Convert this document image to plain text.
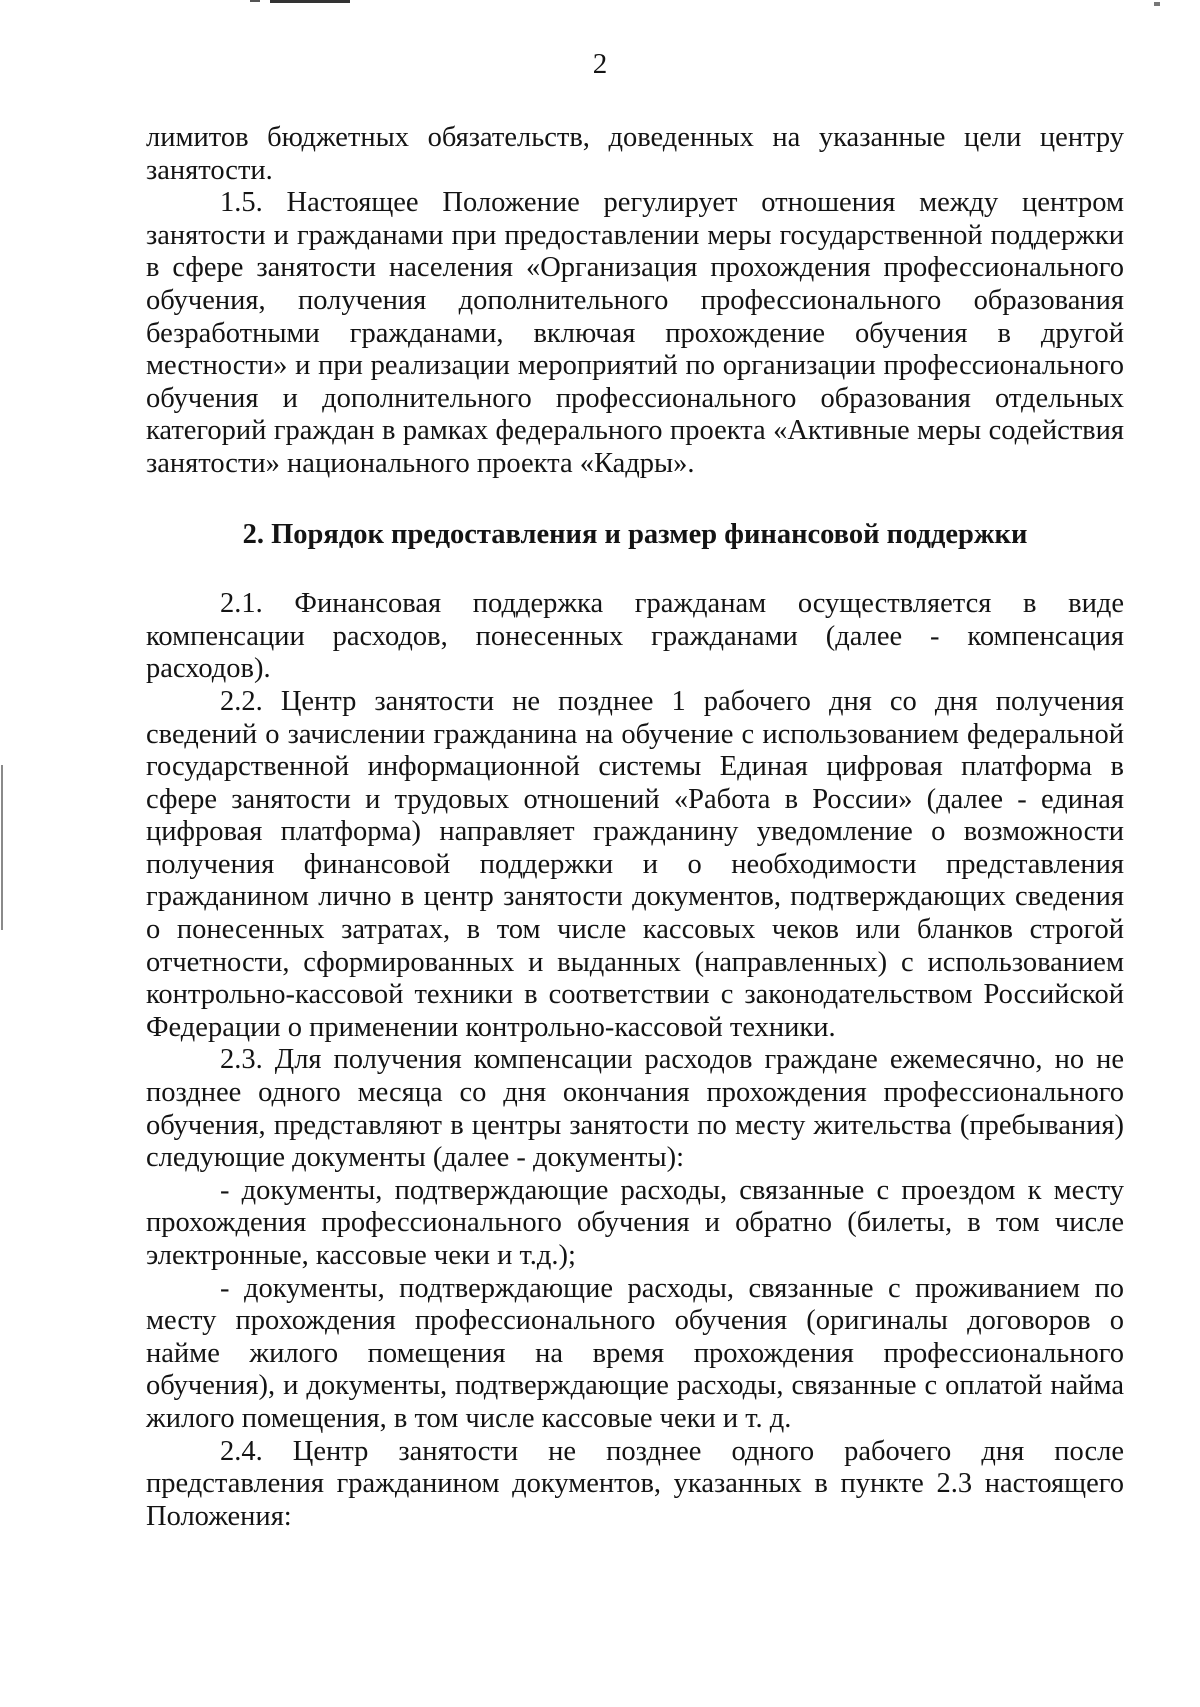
2

лимитов бюджетных обязательств, доведенных на указанные цели центру занятости.

1.5. Настоящее Положение регулирует отношения между центром занятости и гражданами при предоставлении меры государственной поддержки в сфере занятости населения «Организация прохождения профессионального обучения, получения дополнительного профессионального образования безработными гражданами, включая прохождение обучения в другой местности» и при реализации мероприятий по организации профессионального обучения и дополнительного профессионального образования отдельных категорий граждан в рамках федерального проекта «Активные меры содействия занятости» национального проекта «Кадры».

2. Порядок предоставления и размер финансовой поддержки

2.1. Финансовая поддержка гражданам осуществляется в виде компенсации расходов, понесенных гражданами (далее - компенсация расходов).

2.2. Центр занятости не позднее 1 рабочего дня со дня получения сведений о зачислении гражданина на обучение с использованием федеральной государственной информационной системы Единая цифровая платформа в сфере занятости и трудовых отношений «Работа в России» (далее - единая цифровая платформа) направляет гражданину уведомление о возможности получения финансовой поддержки и о необходимости представления гражданином лично в центр занятости документов, подтверждающих сведения о понесенных затратах, в том числе кассовых чеков или бланков строгой отчетности, сформированных и выданных (направленных) с использованием контрольно-кассовой техники в соответствии с законодательством Российской Федерации о применении контрольно-кассовой техники.

2.3. Для получения компенсации расходов граждане ежемесячно, но не позднее одного месяца со дня окончания прохождения профессионального обучения, представляют в центры занятости по месту жительства (пребывания) следующие документы (далее - документы):

- документы, подтверждающие расходы, связанные с проездом к месту прохождения профессионального обучения и обратно (билеты, в том числе электронные, кассовые чеки и т.д.);

- документы, подтверждающие расходы, связанные с проживанием по месту прохождения профессионального обучения (оригиналы договоров о найме жилого помещения на время прохождения профессионального обучения), и документы, подтверждающие расходы, связанные с оплатой найма жилого помещения, в том числе кассовые чеки и т. д.

2.4. Центр занятости не позднее одного рабочего дня после представления гражданином документов, указанных в пункте 2.3 настоящего Положения:
